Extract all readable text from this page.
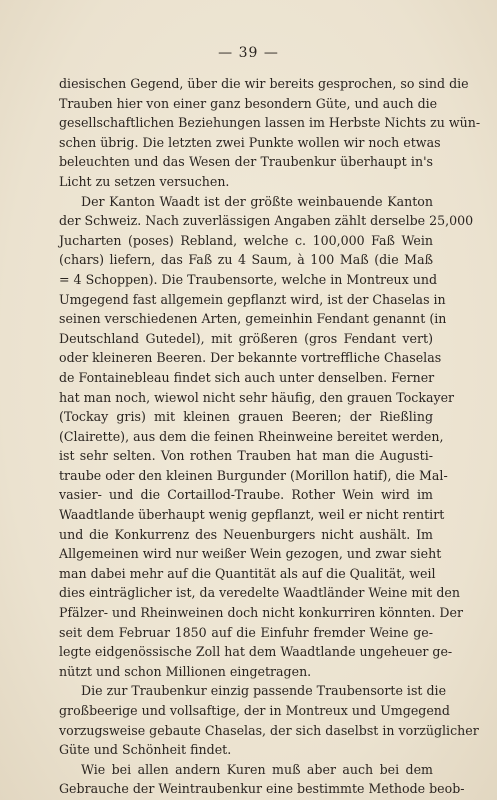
— 39 —
diesischen Gegend, über die wir bereits gesprochen, so sind die
Trauben hier von einer ganz besondern Güte, und auch die
gesellschaftlichen Beziehungen lassen im Herbste Nichts zu wün-
schen übrig. Die letzten zwei Punkte wollen wir noch etwas
beleuchten und das Wesen der Traubenkur überhaupt in's
Licht zu setzen versuchen.
Der Kanton Waadt ist der größte weinbauende Kanton
der Schweiz. Nach zuverlässigen Angaben zählt derselbe 25,000
Jucharten (poses) Rebland, welche c. 100,000 Faß Wein
(chars) liefern, das Faß zu 4 Saum, à 100 Maß (die Maß
= 4 Schoppen). Die Traubensorte, welche in Montreux und
Umgegend fast allgemein gepflanzt wird, ist der Chaselas in
seinen verschiedenen Arten, gemeinhin Fendant genannt (in
Deutschland Gutedel), mit größeren (gros Fendant vert)
oder kleineren Beeren. Der bekannte vortreffliche Chaselas
de Fontainebleau findet sich auch unter denselben. Ferner
hat man noch, wiewol nicht sehr häufig, den grauen Tockayer
(Tockay gris) mit kleinen grauen Beeren; der Rießling
(Clairette), aus dem die feinen Rheinweine bereitet werden,
ist sehr selten. Von rothen Trauben hat man die Augusti-
traube oder den kleinen Burgunder (Morillon hatif), die Mal-
vasier- und die Cortaillod-Traube. Rother Wein wird im
Waadtlande überhaupt wenig gepflanzt, weil er nicht rentirt
und die Konkurrenz des Neuenburgers nicht aushält. Im
Allgemeinen wird nur weißer Wein gezogen, und zwar sieht
man dabei mehr auf die Quantität als auf die Qualität, weil
dies einträglicher ist, da veredelte Waadtländer Weine mit den
Pfälzer- und Rheinweinen doch nicht konkurriren könnten. Der
seit dem Februar 1850 auf die Einfuhr fremder Weine ge-
legte eidgenössische Zoll hat dem Waadtlande ungeheuer ge-
nützt und schon Millionen eingetragen.
Die zur Traubenkur einzig passende Traubensorte ist die
großbeerige und vollsaftige, der in Montreux und Umgegend
vorzugsweise gebaute Chaselas, der sich daselbst in vorzüglicher
Güte und Schönheit findet.
Wie bei allen andern Kuren muß aber auch bei dem
Gebrauche der Weintraubenkur eine bestimmte Methode beob-
